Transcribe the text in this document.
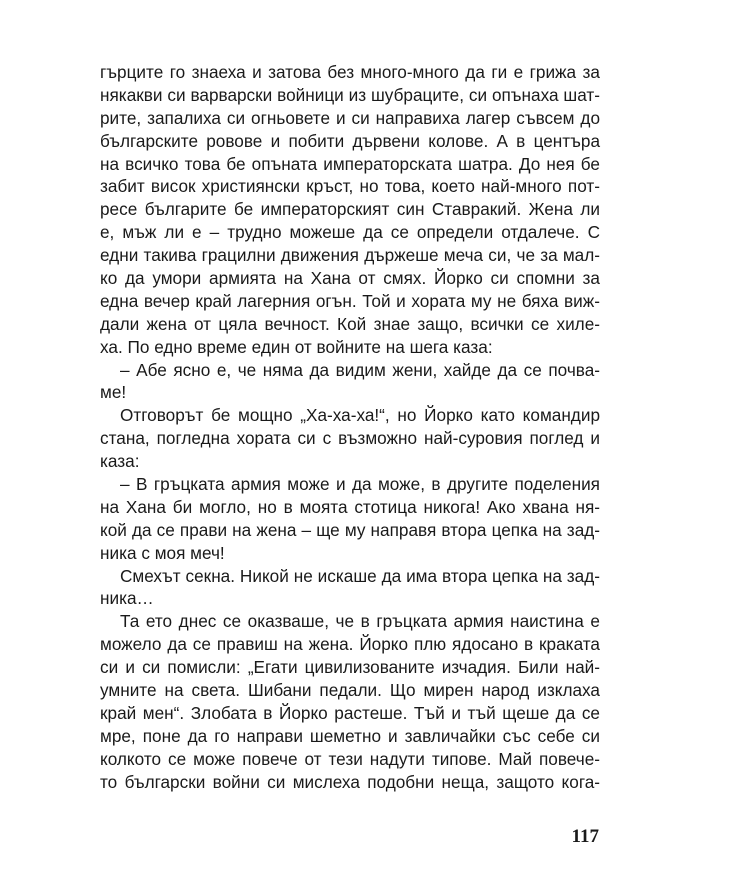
гърците го знаеха и затова без много-много да ги е грижа за
някакви си варварски войници из шубраците, си опънаха шат-
рите, запалиха си огньовете и си направиха лагер съвсем до
българските ровове и побити дървени колове. А в центъра
на всичко това бе опъната императорската шатра. До нея бе
забит висок християнски кръст, но това, което най-много пот-
ресе българите бе императорският син Ставракий. Жена ли
е, мъж ли е – трудно можеше да се определи отдалече. С
едни такива грацилни движения държеше меча си, че за мал-
ко да умори армията на Хана от смях. Йорко си спомни за
една вечер край лагерния огън. Той и хората му не бяха виж-
дали жена от цяла вечност. Кой знае защо, всички се хиле-
ха. По едно време един от войните на шега каза:
– Абе ясно е, че няма да видим жени, хайде да се почва-
ме!
Отговорът бе мощно „Ха-ха-ха!“, но Йорко като командир
стана, погледна хората си с възможно най-суровия поглед и
каза:
– В гръцката армия може и да може, в другите поделения
на Хана би могло, но в моята стотица никога! Ако хвана ня-
кой да се прави на жена – ще му направя втора цепка на зад-
ника с моя меч!
Смехът секна. Никой не искаше да има втора цепка на зад-
ника…
Та ето днес се оказваше, че в гръцката армия наистина е
можело да се правиш на жена. Йорко плю ядосано в краката
си и си помисли: „Егати цивилизованите изчадия. Били най-
умните на света. Шибани педали. Що мирен народ изклаха
край мен“. Злобата в Йорко растеше. Тъй и тъй щеше да се
мре, поне да го направи шеметно и завличайки със себе си
колкото се може повече от тези надути типове. Май повече-
то български войни си мислеха подобни неща, защото кога-
117
